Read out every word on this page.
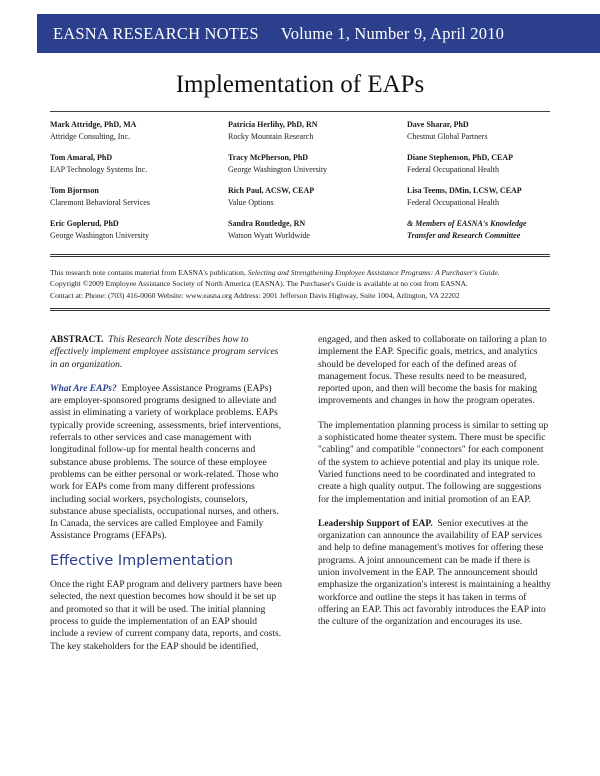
EASNA RESEARCH NOTES Volume 1, Number 9, April 2010
Implementation of EAPs
Mark Attridge, PhD, MA
Attridge Consulting, Inc.
Tom Amaral, PhD
EAP Technology Systems Inc.
Tom Bjornson
Claremont Behavioral Services
Eric Goplerud, PhD
George Washington University
Patricia Herlihy, PhD, RN
Rocky Mountain Research
Tracy McPherson, PhD
George Washington University
Rich Paul, ACSW, CEAP
Value Options
Sandra Routledge, RN
Watson Wyatt Worldwide
Dave Sharar, PhD
Chestnut Global Partners
Diane Stephenson, PhD, CEAP
Federal Occupational Health
Lisa Teems, DMin, LCSW, CEAP
Federal Occupational Health
& Members of EASNA's Knowledge
Transfer and Research Committee
This research note contains material from EASNA's publication, Selecting and Strengthening Employee Assistance Programs: A Purchaser's Guide.
Copyright ©2009 Employee Assistance Society of North America (EASNA). The Purchaser's Guide is available at no cost from EASNA.
Contact at: Phone: (703) 416-0060 Website: www.easna.org Address: 2001 Jefferson Davis Highway, Suite 1004, Arlington, VA 22202

ABSTRACT. This Research Note describes how to effectively implement employee assistance program services in an organization.

What Are EAPs? Employee Assistance Programs (EAPs) are employer-sponsored programs designed to alleviate and assist in eliminating a variety of workplace problems. EAPs typically provide screening, assessments, brief interventions, referrals to other services and case management with longitudinal follow-up for mental health concerns and substance abuse problems. The source of these employee problems can be either personal or work-related. Those who work for EAPs come from many different professions including social workers, psychologists, counselors, substance abuse specialists, occupational nurses, and others. In Canada, the services are called Employee and Family Assistance Programs (EFAPs).

Effective Implementation

Once the right EAP program and delivery partners have been selected, the next question becomes how should it be set up and promoted so that it will be used. The initial planning process to guide the implementation of an EAP should include a review of current company data, reports, and costs. The key stakeholders for the EAP should be identified,

engaged, and then asked to collaborate on tailoring a plan to implement the EAP. Specific goals, metrics, and analytics should be developed for each of the defined areas of management focus. These results need to be measured, reported upon, and then will become the basis for making improvements and changes in how the program operates.

The implementation planning process is similar to setting up a sophisticated home theater system. There must be specific "cabling" and compatible "connectors" for each component of the system to achieve potential and play its unique role. Varied functions need to be coordinated and integrated to create a high quality output. The following are suggestions for the implementation and initial promotion of an EAP.

Leadership Support of EAP. Senior executives at the organization can announce the availability of EAP services and help to define management's motives for offering these programs. A joint announcement can be made if there is union involvement in the EAP. The announcement should emphasize the organization's interest is maintaining a healthy workforce and outline the steps it has taken in terms of offering an EAP. This act favorably introduces the EAP into the culture of the organization and encourages its use.
